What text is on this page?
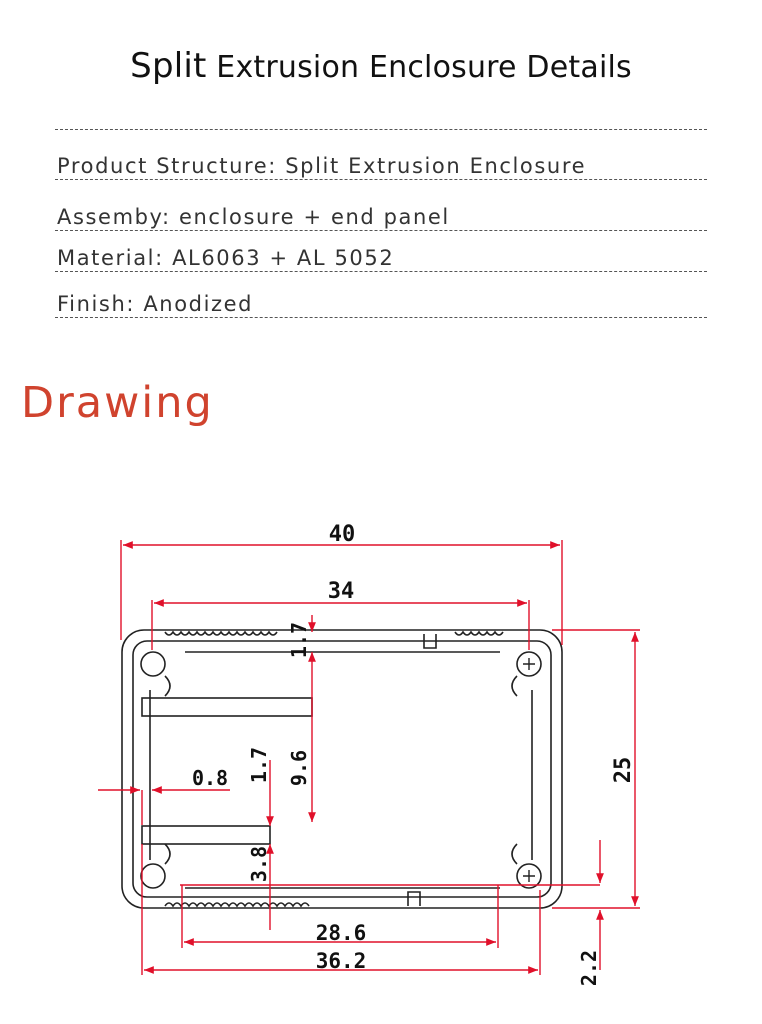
Split Extrusion Enclosure Details
Product Structure: Split Extrusion Enclosure
Assemby: enclosure + end panel
Material: AL6063 + AL 5052
Finish: Anodized
Drawing
40
34
1.7
1.7 9.6
0.8
3.8
28.6
36.2
25
2.2
